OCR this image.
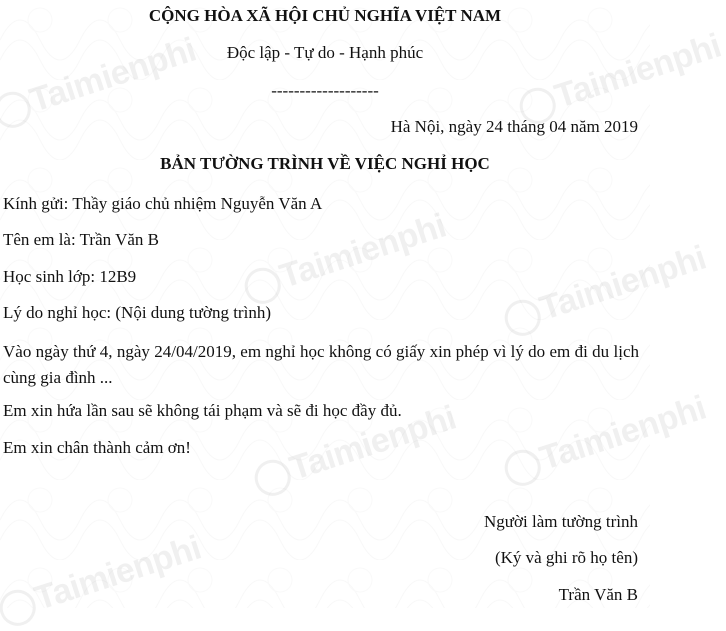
Taimienphi	Taimienphi
Taimienphi	Taimienphi
Taimienphi
Taimienphi
Taimienphi
CỘNG HÒA XÃ HỘI CHỦ NGHĨA VIỆT NAM
Độc lập - Tự do - Hạnh phúc
-------------------
Hà Nội, ngày 24 tháng 04 năm 2019
BẢN TƯỜNG TRÌNH VỀ VIỆC NGHỈ HỌC
Kính gửi: Thầy giáo chủ nhiệm Nguyễn Văn A
Tên em là: Trần Văn B
Học sinh lớp: 12B9
Lý do nghỉ học: (Nội dung tường trình)
Vào ngày thứ 4, ngày 24/04/2019, em nghỉ học không có giấy xin phép vì lý do em đi du lịch cùng gia đình ...
Em xin hứa lần sau sẽ không tái phạm và sẽ đi học đầy đủ.
Em xin chân thành cảm ơn!
Người làm tường trình
(Ký và ghi rõ họ tên)
Trần Văn B
